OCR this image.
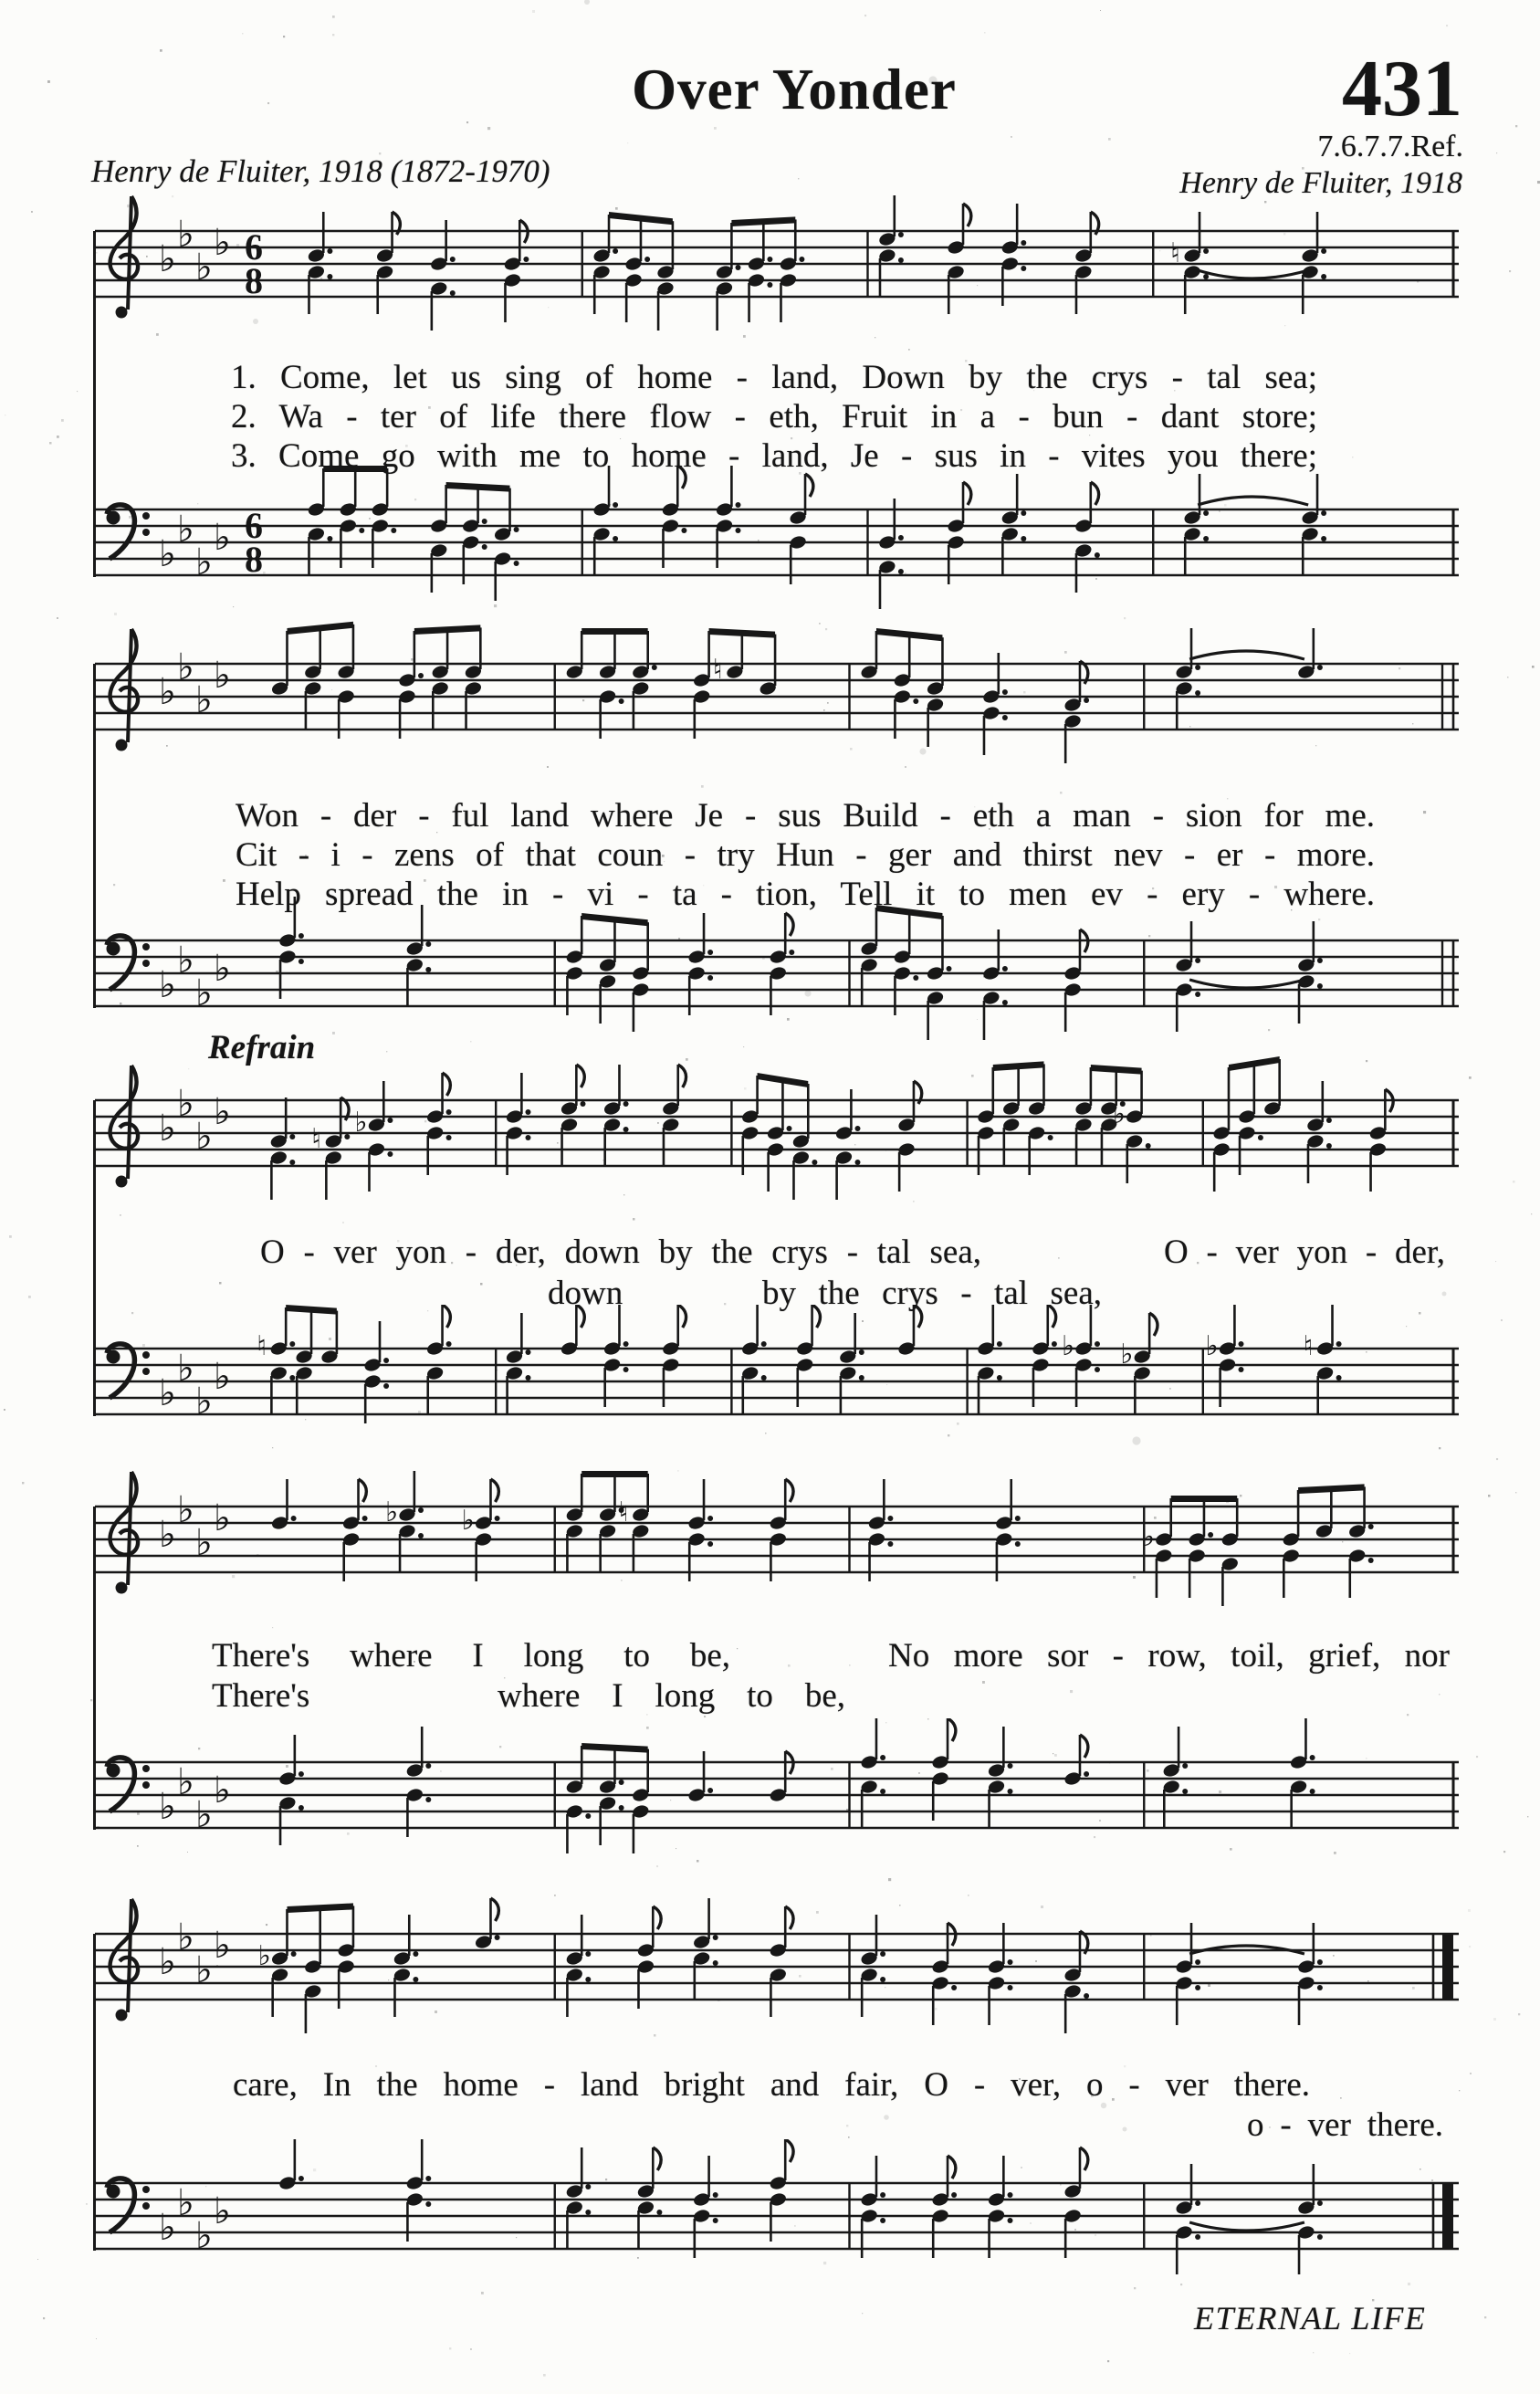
Over Yonder	431
7.6.7.7.Ref.
Henry de Fluiter, 1918 (1872-1970)	Henry de Fluiter, 1918
♭
♭
♭
♭ 6
8
♮
♭
♭
♭
♭ 6
8
♭
♭
♭
♭	♮
♭
♭
♭
♭
♭
♭
♭
♭
♮
♭	♭
♭
♭
♭
♭
♮	♭ ♭	♭	♮
♭
♭
♭
♭	♭ ♭	♮
♭
♭
♭
♭
♭
♭
♭
♭
♭ ♭
♭
♭
♭
♭
1. Come, let us sing of home - land, Down by the crys - tal sea;
2. Wa - ter of life there flow - eth, Fruit in a - bun - dant store;
3. Come go with me to home - land, Je - sus in - vites you there;
Won - der - ful land where Je - sus Build - eth a man - sion for me.
Cit - i - zens of that coun - try Hun - ger and thirst nev - er - more.
Help spread the in - vi - ta - tion, Tell it to men ev - ery - where.
Refrain
O - ver yon - der, down by the crys - tal sea,	O - ver yon - der,
down	by the crys - tal sea,
There's where I long to be,	No more sor - row, toil, grief, nor
There's	where I long to be,
care, In the home - land bright and fair, O - ver, o - ver there.
o - ver there.
ETERNAL LIFE
